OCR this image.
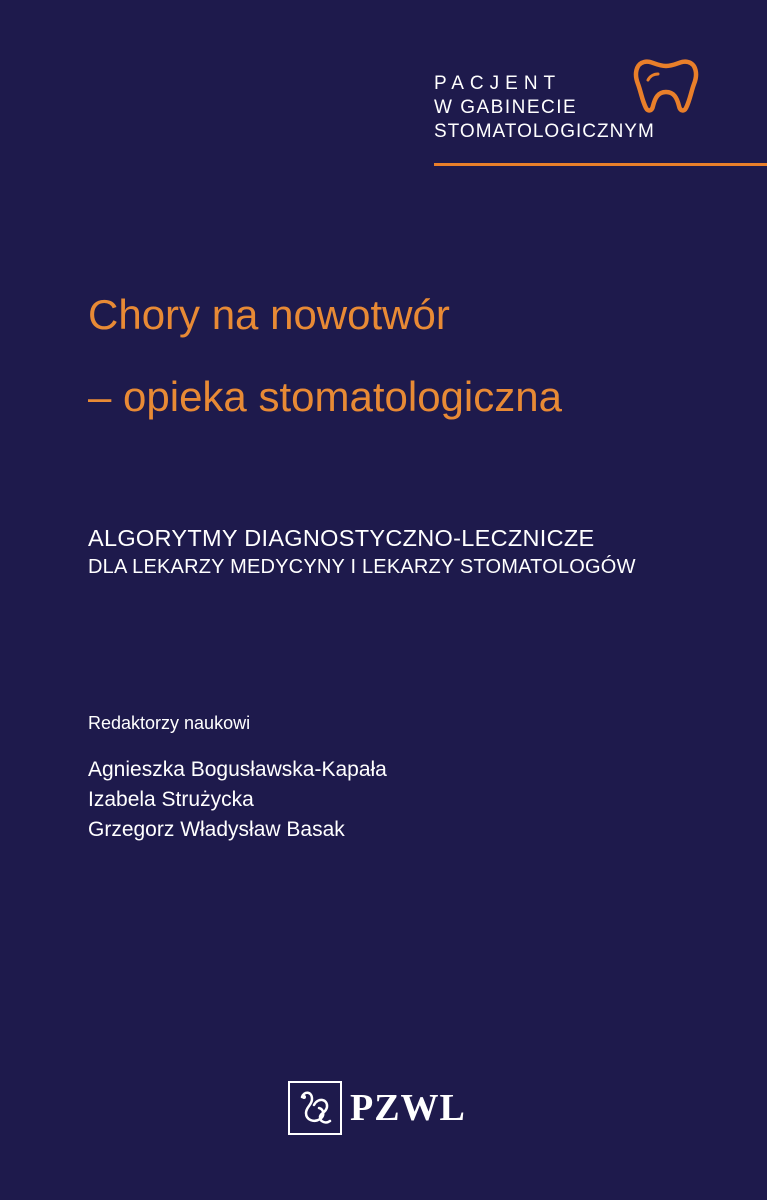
PACJENT
W GABINECIE
STOMATOLOGICZNYM
Chory na nowotwór
– opieka stomatologiczna
ALGORYTMY DIAGNOSTYCZNO-LECZNICZE
DLA LEKARZY MEDYCYNY I LEKARZY STOMATOLOGÓW
Redaktorzy naukowi
Agnieszka Bogusławska-Kapała
Izabela Strużycka
Grzegorz Władysław Basak
PZWL
